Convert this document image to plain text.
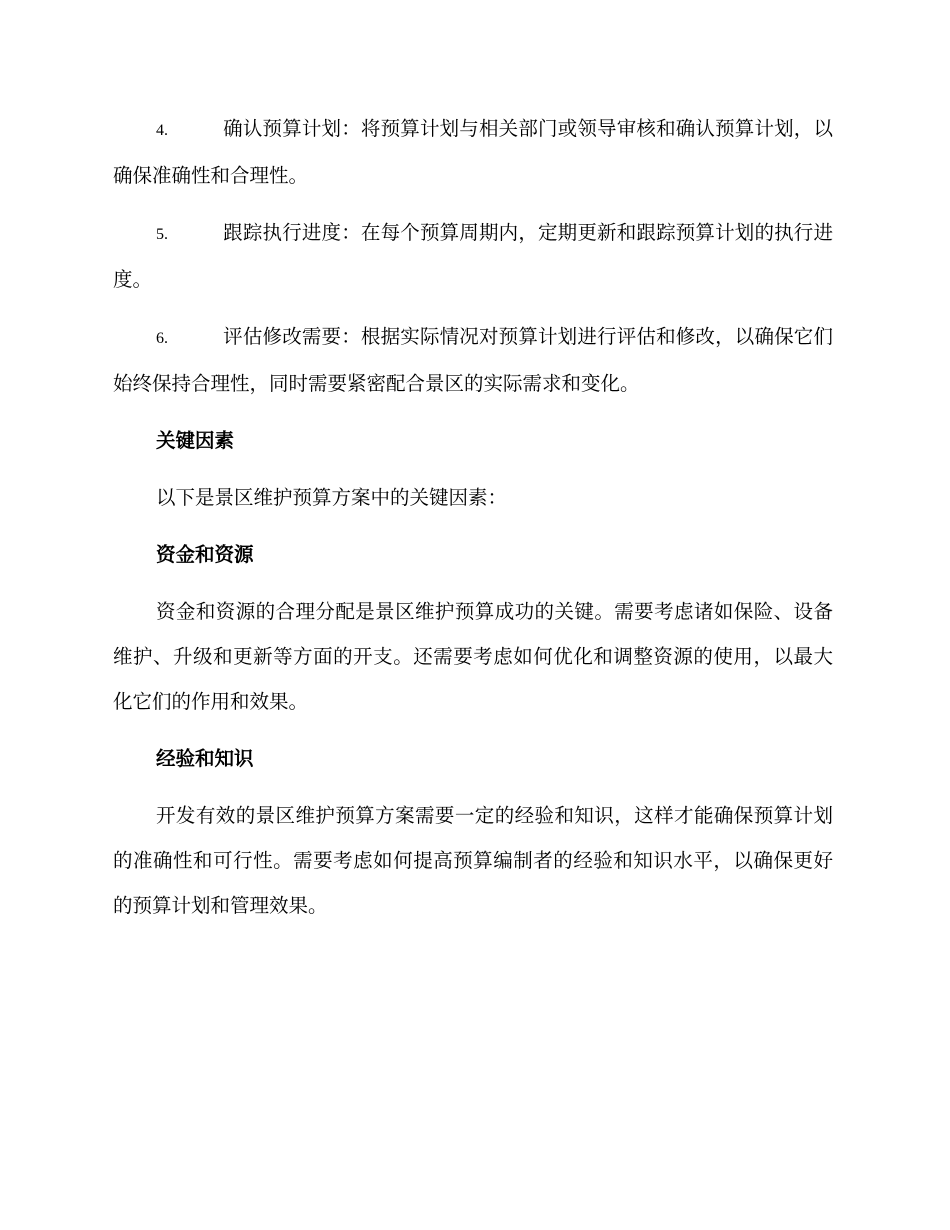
4.	确认预算计划：将预算计划与相关部门或领导审核和确认预算计划，以确保准确性和合理性。
5.	跟踪执行进度：在每个预算周期内，定期更新和跟踪预算计划的执行进度。
6.	评估修改需要：根据实际情况对预算计划进行评估和修改，以确保它们始终保持合理性，同时需要紧密配合景区的实际需求和变化。
关键因素
以下是景区维护预算方案中的关键因素：
资金和资源
资金和资源的合理分配是景区维护预算成功的关键。需要考虑诸如保险、设备维护、升级和更新等方面的开支。还需要考虑如何优化和调整资源的使用，以最大化它们的作用和效果。
经验和知识
开发有效的景区维护预算方案需要一定的经验和知识，这样才能确保预算计划的准确性和可行性。需要考虑如何提高预算编制者的经验和知识水平，以确保更好的预算计划和管理效果。
